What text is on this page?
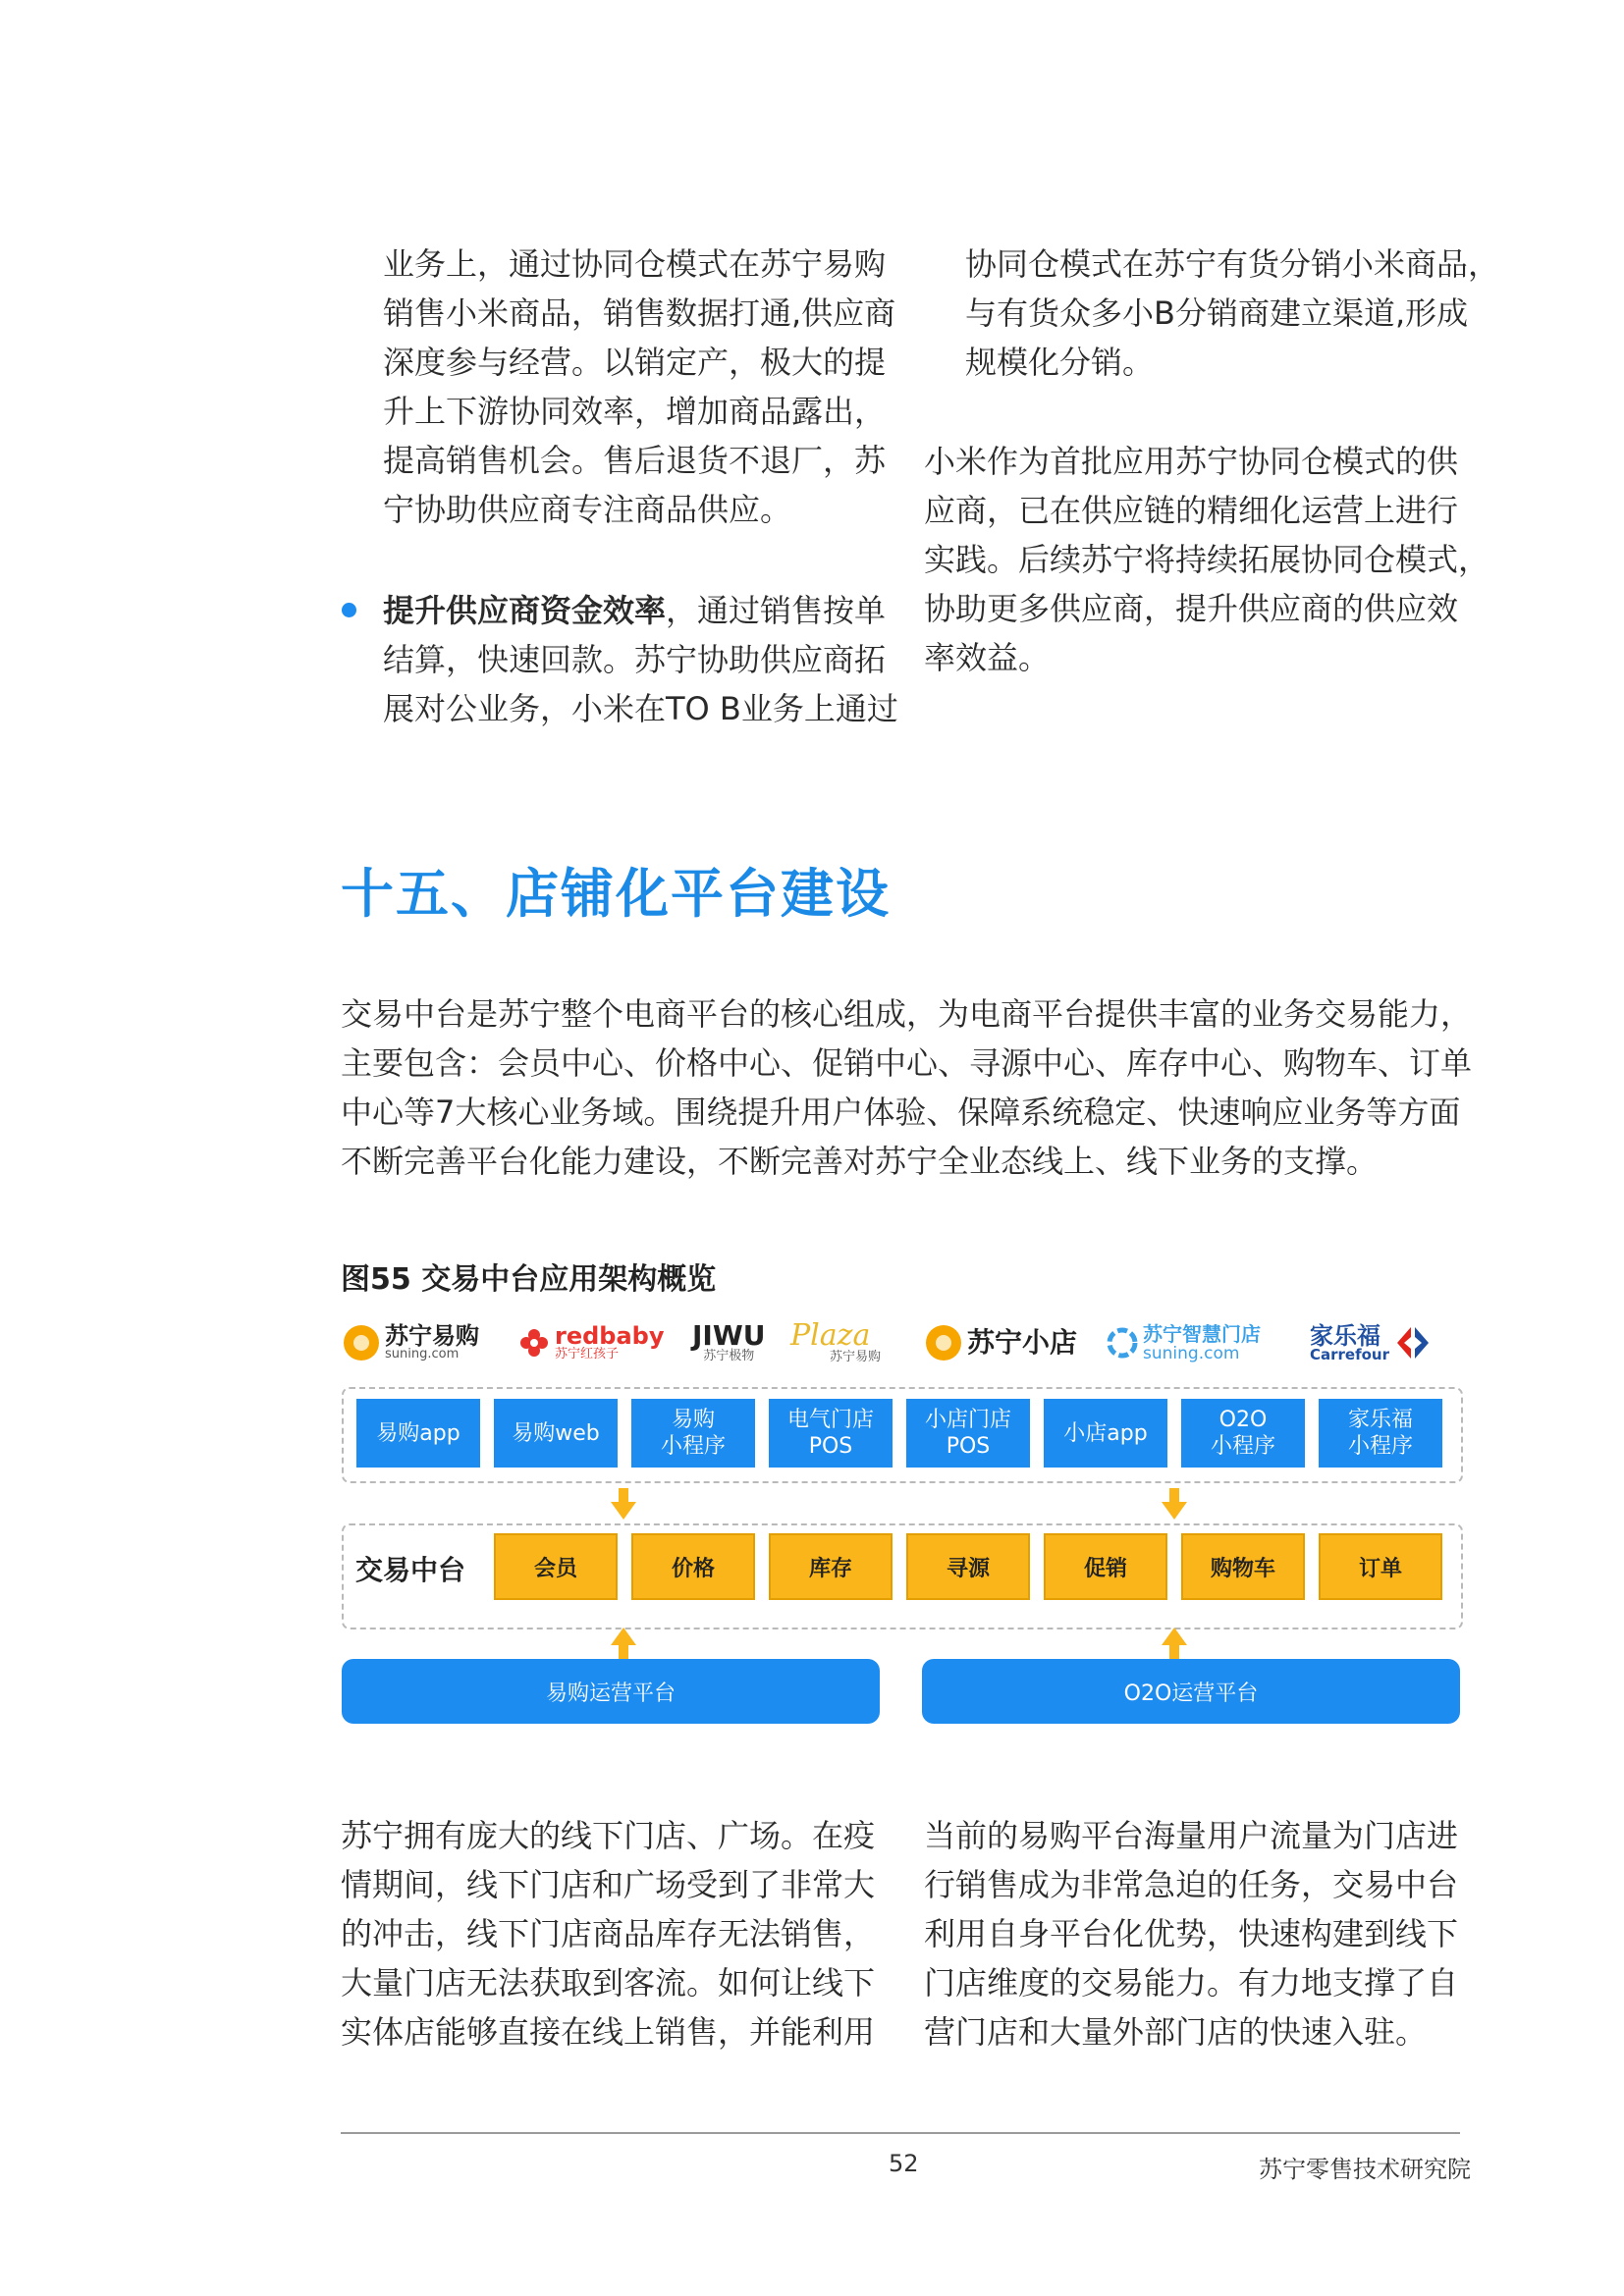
业务上，通过协同仓模式在苏宁易购
销售小米商品，销售数据打通,供应商
深度参与经营。以销定产，极大的提
升上下游协同效率，增加商品露出，
提高销售机会。售后退货不退厂，苏
宁协助供应商专注商品供应。
提升供应商资金效率，通过销售按单
结算，快速回款。苏宁协助供应商拓
展对公业务，小米在TO B业务上通过
协同仓模式在苏宁有货分销小米商品，
与有货众多小B分销商建立渠道,形成
规模化分销。
小米作为首批应用苏宁协同仓模式的供
应商，已在供应链的精细化运营上进行
实践。后续苏宁将持续拓展协同仓模式，
协助更多供应商，提升供应商的供应效
率效益。
十五、店铺化平台建设
交易中台是苏宁整个电商平台的核心组成，为电商平台提供丰富的业务交易能力，
主要包含：会员中心、价格中心、促销中心、寻源中心、库存中心、购物车、订单
中心等7大核心业务域。围绕提升用户体验、保障系统稳定、快速响应业务等方面
不断完善平台化能力建设，不断完善对苏宁全业态线上、线下业务的支撑。
图55 交易中台应用架构概览
苏宁易购
suning.com
redbaby
苏宁红孩子
JIWU
苏宁极物
Plaza
苏宁易购	苏宁小店	苏宁智慧门店
suning.com
家乐福
Carrefour
易购app 易购web
易购
小程序
电气门店
POS
小店门店
POS
小店app
O2O
小程序
家乐福
小程序
交易中台	会员	价格	库存	寻源	促销	购物车	订单
易购运营平台	O2O运营平台
苏宁拥有庞大的线下门店、广场。在疫
情期间，线下门店和广场受到了非常大
的冲击，线下门店商品库存无法销售，
大量门店无法获取到客流。如何让线下
实体店能够直接在线上销售，并能利用
当前的易购平台海量用户流量为门店进
行销售成为非常急迫的任务，交易中台
利用自身平台化优势，快速构建到线下
门店维度的交易能力。有力地支撑了自
营门店和大量外部门店的快速入驻。
52	苏宁零售技术研究院
